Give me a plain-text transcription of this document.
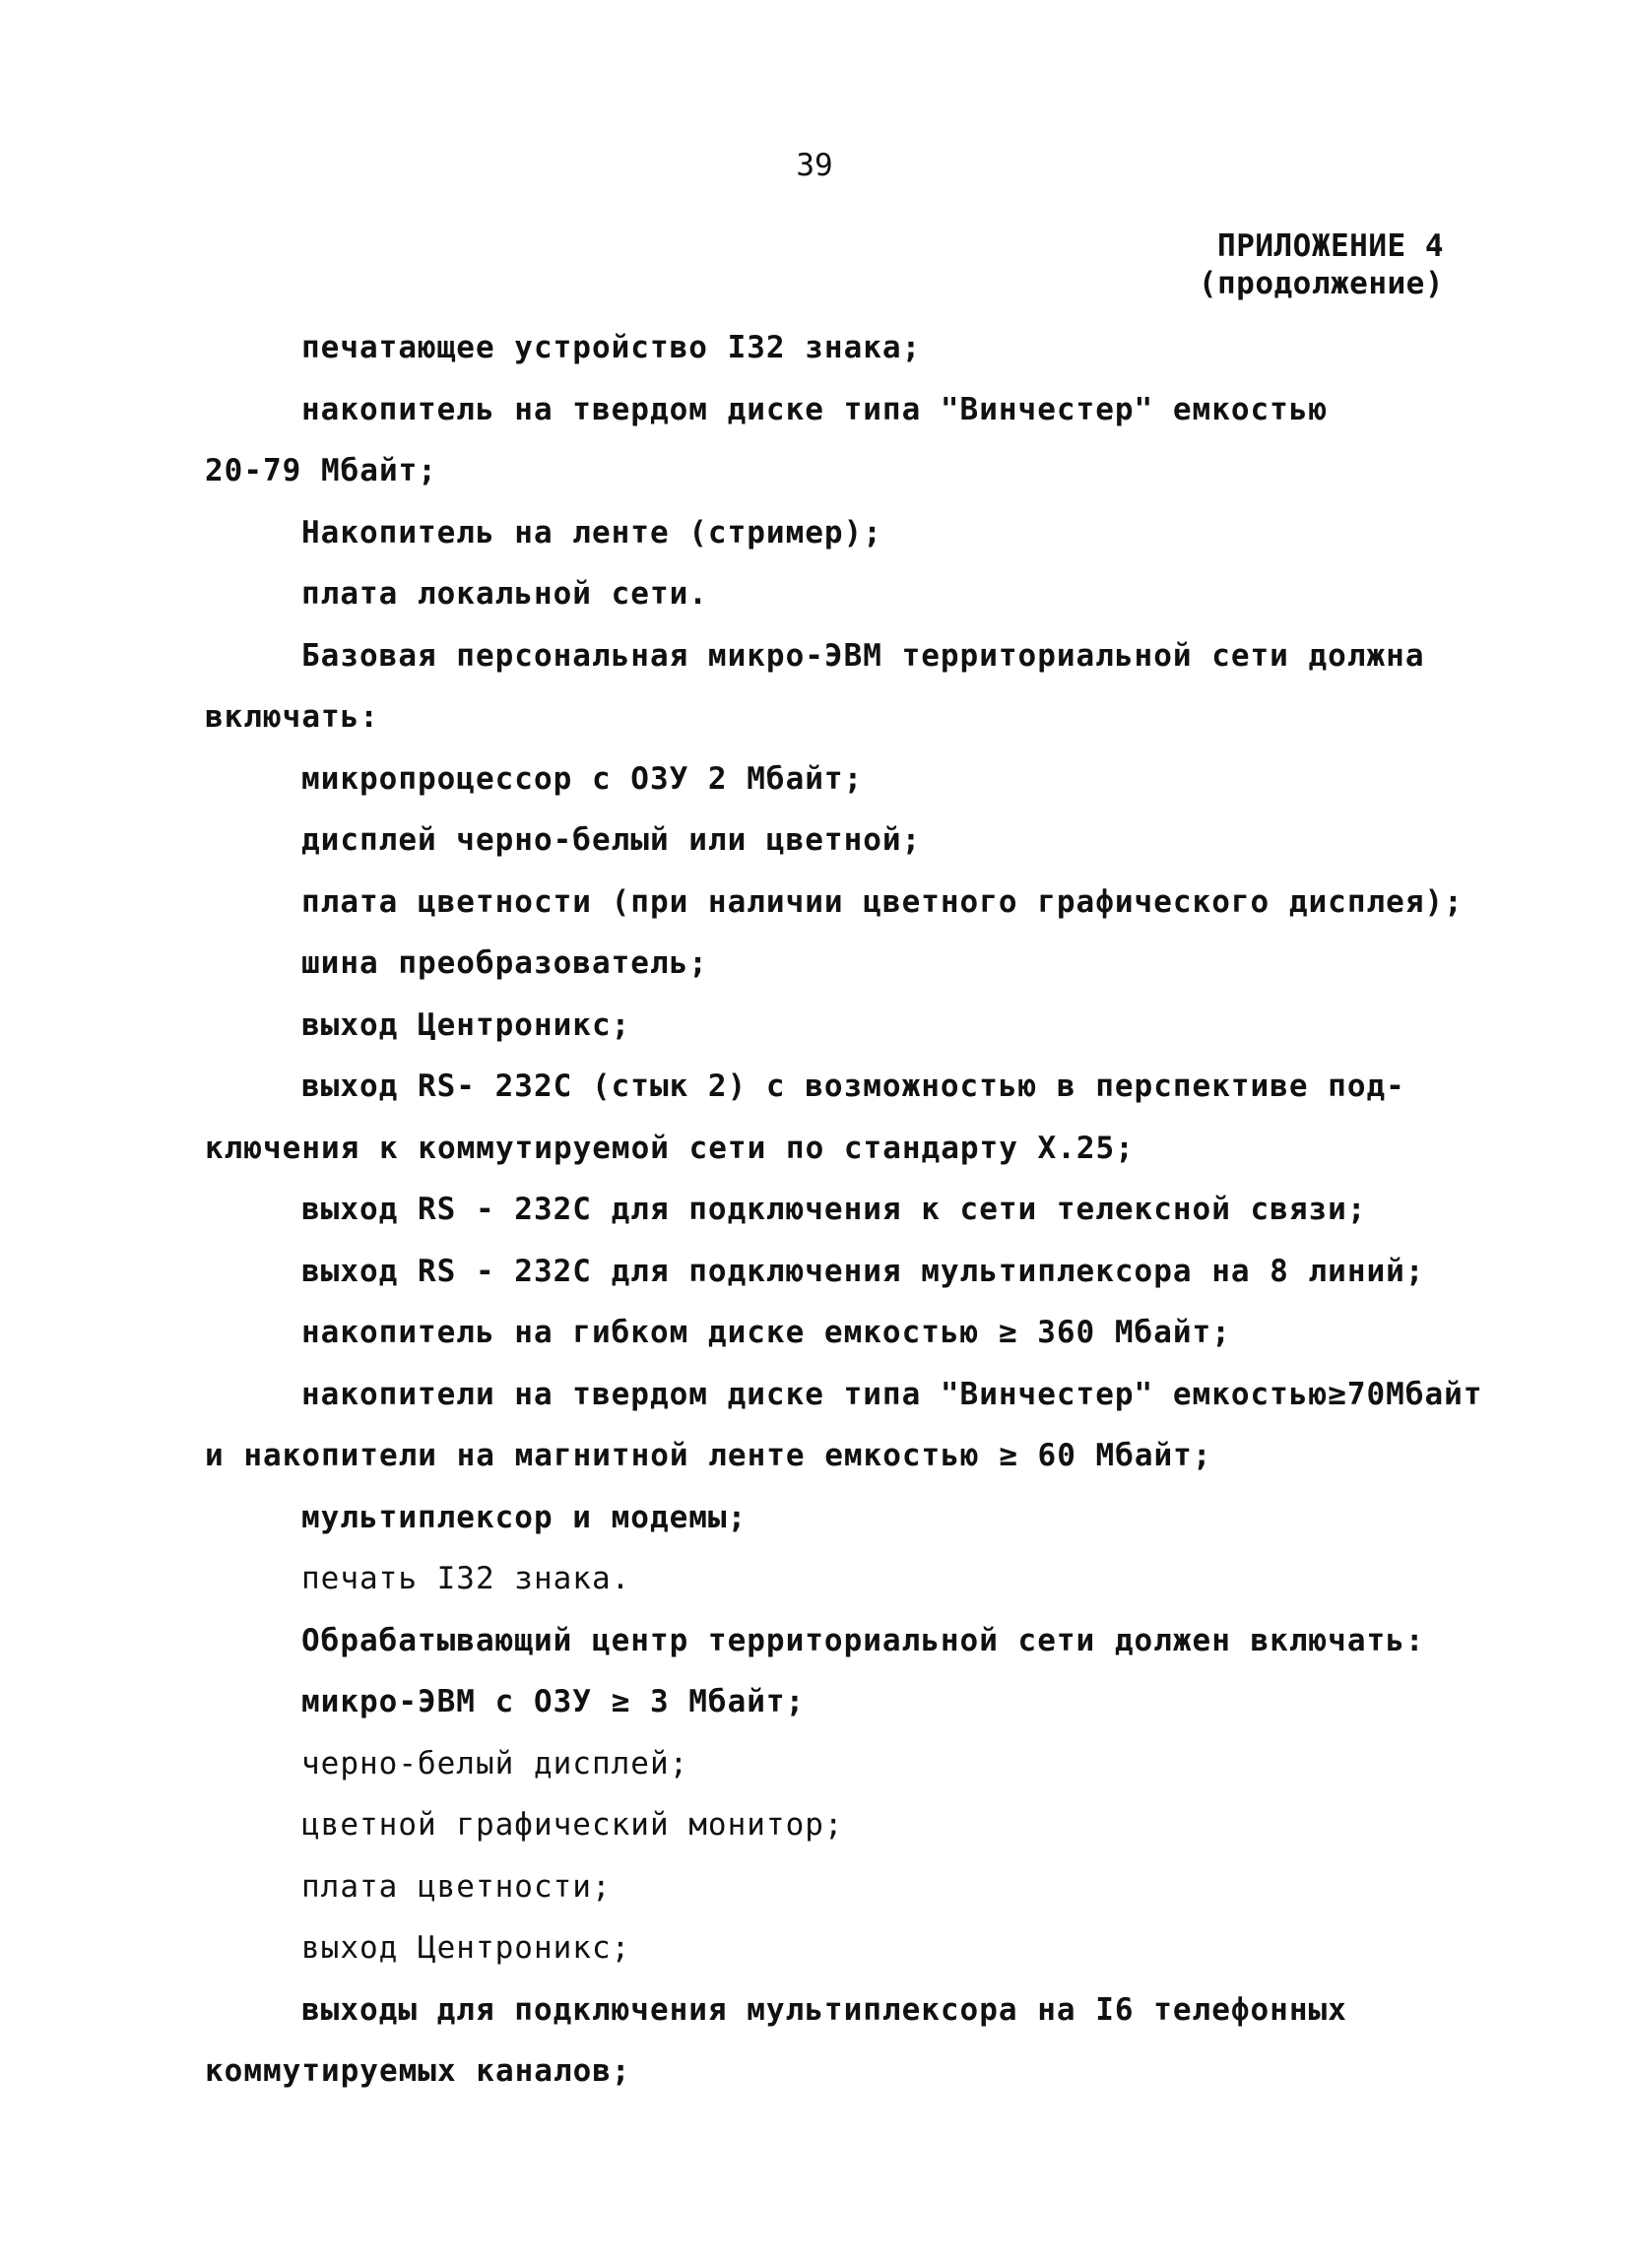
39
ПРИЛОЖЕНИЕ 4
(продолжение)
печатающее устройство I32 знака;
накопитель на твердом диске типа "Винчестер" емкостью
20-79 Мбайт;
Накопитель на ленте (стример);
плата локальной сети.
Базовая персональная микро-ЭВМ территориальной сети должна
включать:
микропроцессор с ОЗУ 2 Мбайт;
дисплей черно-белый или цветной;
плата цветности (при наличии цветного графического дисплея);
шина преобразователь;
выход Центроникс;
выход RS- 232С (стык 2) с возможностью в перспективе под-
ключения к коммутируемой сети по стандарту Х.25;
выход RS - 232С для подключения к сети телексной связи;
выход RS - 232С для подключения мультиплексора на 8 линий;
накопитель на гибком диске емкостью ≥ 360 Мбайт;
накопители на твердом диске типа "Винчестер" емкостью≥70Мбайт
и накопители на магнитной ленте емкостью ≥ 60 Мбайт;
мультиплексор и модемы;
печать I32 знака.
Обрабатывающий центр территориальной сети должен включать:
микро-ЭВМ с ОЗУ ≥ 3 Мбайт;
черно-белый дисплей;
цветной графический монитор;
плата цветности;
выход Центроникс;
выходы для подключения мультиплексора на I6 телефонных
коммутируемых каналов;
